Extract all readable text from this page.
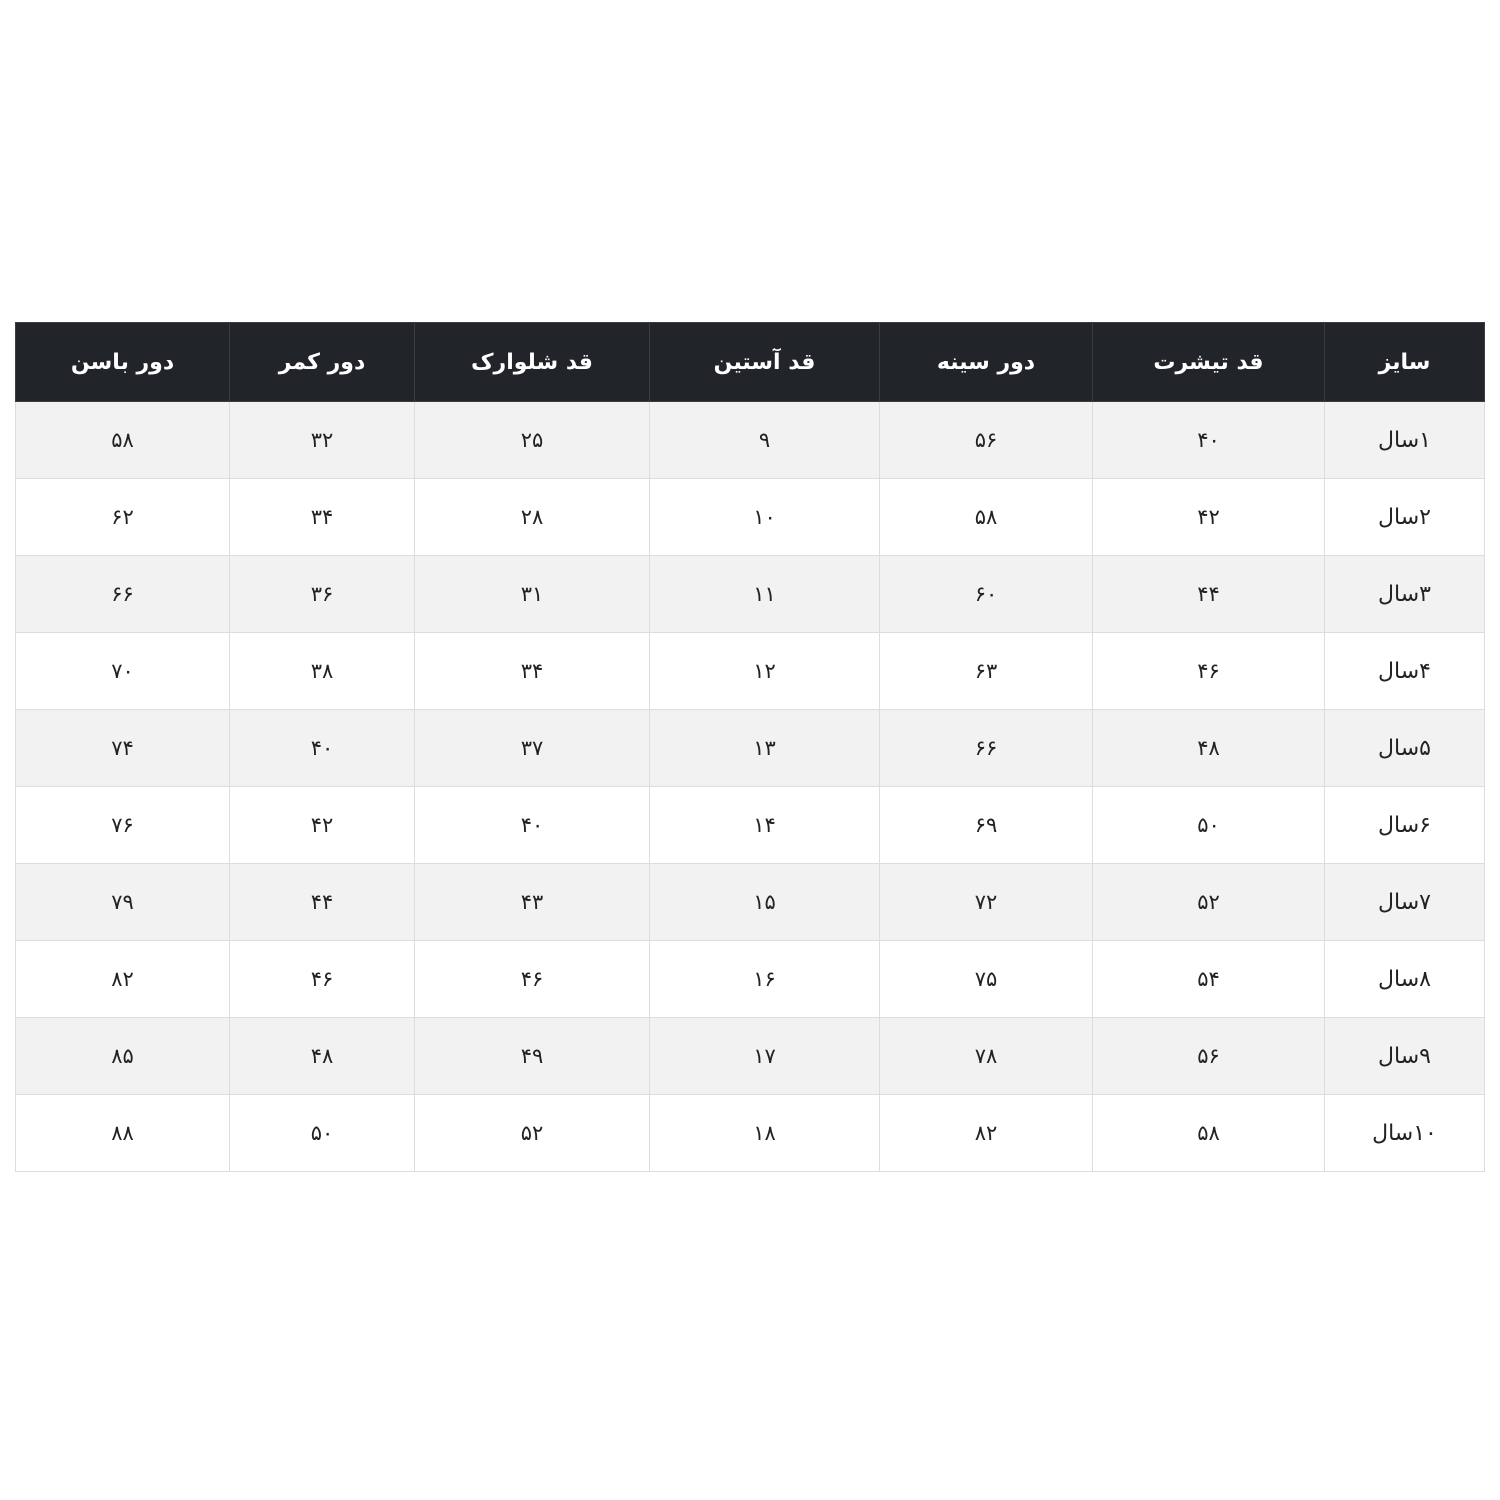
سایز	قد تیشرت	دور سینه	قد آستین	قد شلوارک	دور کمر	دور باسن
۱سال	۴۰	۵۶	۹	۲۵	۳۲	۵۸
۲سال	۴۲	۵۸	۱۰	۲۸	۳۴	۶۲
۳سال	۴۴	۶۰	۱۱	۳۱	۳۶	۶۶
۴سال	۴۶	۶۳	۱۲	۳۴	۳۸	۷۰
۵سال	۴۸	۶۶	۱۳	۳۷	۴۰	۷۴
۶سال	۵۰	۶۹	۱۴	۴۰	۴۲	۷۶
۷سال	۵۲	۷۲	۱۵	۴۳	۴۴	۷۹
۸سال	۵۴	۷۵	۱۶	۴۶	۴۶	۸۲
۹سال	۵۶	۷۸	۱۷	۴۹	۴۸	۸۵
۱۰سال	۵۸	۸۲	۱۸	۵۲	۵۰	۸۸
